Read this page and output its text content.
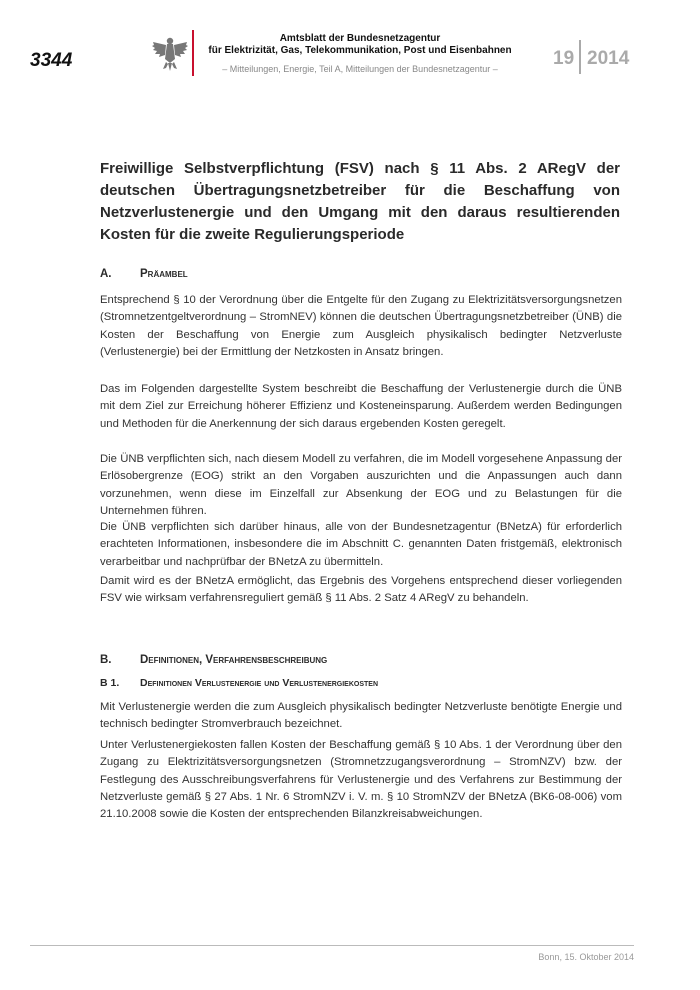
3344
Amtsblatt der Bundesnetzagentur
für Elektrizität, Gas, Telekommunikation, Post und Eisenbahnen
– Mitteilungen, Energie, Teil A, Mitteilungen der Bundesnetzagentur –	19 2014
Freiwillige Selbstverpflichtung (FSV) nach § 11 Abs. 2 ARegV der deutschen Übertragungsnetzbetreiber für die Beschaffung von Netzverlustenergie und den Umgang mit den daraus resultierenden Kosten für die zweite Regulierungsperiode
A. Präambel
Entsprechend § 10 der Verordnung über die Entgelte für den Zugang zu Elektrizitätsversorgungsnetzen (Stromnetzentgeltverordnung – StromNEV) können die deutschen Übertragungsnetzbetreiber (ÜNB) die Kosten der Beschaffung von Energie zum Ausgleich physikalisch bedingter Netzverluste (Verlustenergie) bei der Ermittlung der Netzkosten in Ansatz bringen.
Das im Folgenden dargestellte System beschreibt die Beschaffung der Verlustenergie durch die ÜNB mit dem Ziel zur Erreichung höherer Effizienz und Kosteneinsparung. Außerdem werden Bedingungen und Methoden für die Anerkennung der sich daraus ergebenden Kosten geregelt.
Die ÜNB verpflichten sich, nach diesem Modell zu verfahren, die im Modell vorgesehene Anpassung der Erlösobergrenze (EOG) strikt an den Vorgaben auszurichten und die Anpassungen auch dann vorzunehmen, wenn diese im Einzelfall zur Absenkung der EOG und zu Belastungen für die Unternehmen führen.
Die ÜNB verpflichten sich darüber hinaus, alle von der Bundesnetzagentur (BNetzA) für erforderlich erachteten Informationen, insbesondere die im Abschnitt C. genannten Daten fristgemäß, elektronisch verarbeitbar und nachprüfbar der BNetzA zu übermitteln.
Damit wird es der BNetzA ermöglicht, das Ergebnis des Vorgehens entsprechend dieser vorliegenden FSV wie wirksam verfahrensreguliert gemäß § 11 Abs. 2 Satz 4 ARegV zu behandeln.
B. Definitionen, Verfahrensbeschreibung
B 1. Definitionen Verlustenergie und Verlustenergiekosten
Mit Verlustenergie werden die zum Ausgleich physikalisch bedingter Netzverluste benötigte Energie und technisch bedingter Stromverbrauch bezeichnet.
Unter Verlustenergiekosten fallen Kosten der Beschaffung gemäß § 10 Abs. 1 der Verordnung über den Zugang zu Elektrizitätsversorgungsnetzen (Stromnetzzugangsverordnung – StromNZV) bzw. der Festlegung des Ausschreibungsverfahrens für Verlustenergie und des Verfahrens zur Bestimmung der Netzverluste gemäß § 27 Abs. 1 Nr. 6 StromNZV i. V. m. § 10 StromNZV der BNetzA (BK6-08-006) vom 21.10.2008 sowie die Kosten der entsprechenden Bilanzkreisabweichungen.
Bonn, 15. Oktober 2014
